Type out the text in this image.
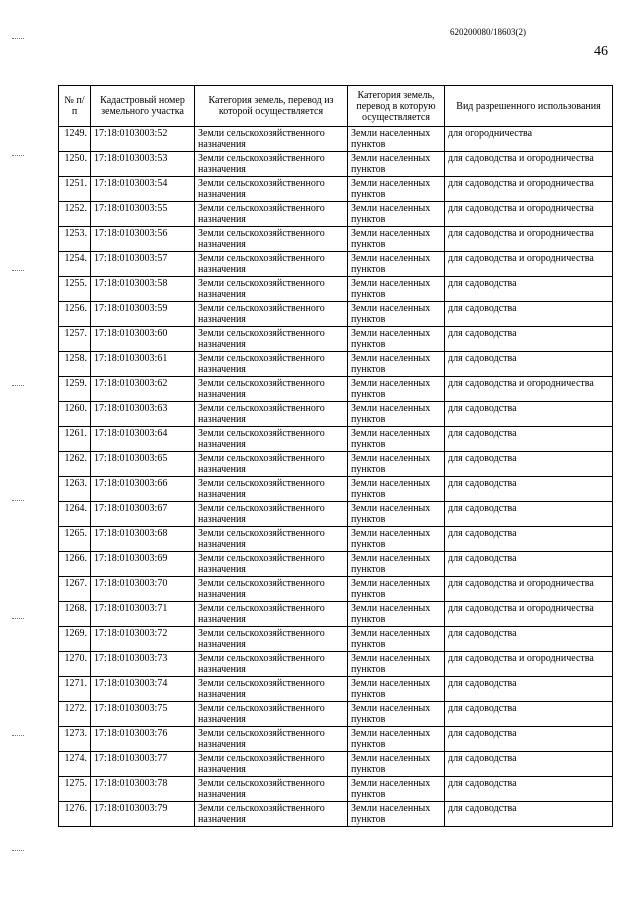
620200080/18603(2)
46
№ п/п	Кадастровый номер земельного участка	Категория земель, перевод из которой осуществляется	Категория земель, перевод в которую осуществляется	Вид разрешенного использования
1249.	17:18:0103003:52	Земли сельскохозяйственного назначения	Земли населенных пунктов	для огородничества
1250.	17:18:0103003:53	Земли сельскохозяйственного назначения	Земли населенных пунктов	для садоводства и огородничества
1251.	17:18:0103003:54	Земли сельскохозяйственного назначения	Земли населенных пунктов	для садоводства и огородничества
1252.	17:18:0103003:55	Земли сельскохозяйственного назначения	Земли населенных пунктов	для садоводства и огородничества
1253.	17:18:0103003:56	Земли сельскохозяйственного назначения	Земли населенных пунктов	для садоводства и огородничества
1254.	17:18:0103003:57	Земли сельскохозяйственного назначения	Земли населенных пунктов	для садоводства и огородничества
1255.	17:18:0103003:58	Земли сельскохозяйственного назначения	Земли населенных пунктов	для садоводства
1256.	17:18:0103003:59	Земли сельскохозяйственного назначения	Земли населенных пунктов	для садоводства
1257.	17:18:0103003:60	Земли сельскохозяйственного назначения	Земли населенных пунктов	для садоводства
1258.	17:18:0103003:61	Земли сельскохозяйственного назначения	Земли населенных пунктов	для садоводства
1259.	17:18:0103003:62	Земли сельскохозяйственного назначения	Земли населенных пунктов	для садоводства и огородничества
1260.	17:18:0103003:63	Земли сельскохозяйственного назначения	Земли населенных пунктов	для садоводства
1261.	17:18:0103003:64	Земли сельскохозяйственного назначения	Земли населенных пунктов	для садоводства
1262.	17:18:0103003:65	Земли сельскохозяйственного назначения	Земли населенных пунктов	для садоводства
1263.	17:18:0103003:66	Земли сельскохозяйственного назначения	Земли населенных пунктов	для садоводства
1264.	17:18:0103003:67	Земли сельскохозяйственного назначения	Земли населенных пунктов	для садоводства
1265.	17:18:0103003:68	Земли сельскохозяйственного назначения	Земли населенных пунктов	для садоводства
1266.	17:18:0103003:69	Земли сельскохозяйственного назначения	Земли населенных пунктов	для садоводства
1267.	17:18:0103003:70	Земли сельскохозяйственного назначения	Земли населенных пунктов	для садоводства и огородничества
1268.	17:18:0103003:71	Земли сельскохозяйственного назначения	Земли населенных пунктов	для садоводства и огородничества
1269.	17:18:0103003:72	Земли сельскохозяйственного назначения	Земли населенных пунктов	для садоводства
1270.	17:18:0103003:73	Земли сельскохозяйственного назначения	Земли населенных пунктов	для садоводства и огородничества
1271.	17:18:0103003:74	Земли сельскохозяйственного назначения	Земли населенных пунктов	для садоводства
1272.	17:18:0103003:75	Земли сельскохозяйственного назначения	Земли населенных пунктов	для садоводства
1273.	17:18:0103003:76	Земли сельскохозяйственного назначения	Земли населенных пунктов	для садоводства
1274.	17:18:0103003:77	Земли сельскохозяйственного назначения	Земли населенных пунктов	для садоводства
1275.	17:18:0103003:78	Земли сельскохозяйственного назначения	Земли населенных пунктов	для садоводства
1276.	17:18:0103003:79	Земли сельскохозяйственного назначения	Земли населенных пунктов	для садоводства
